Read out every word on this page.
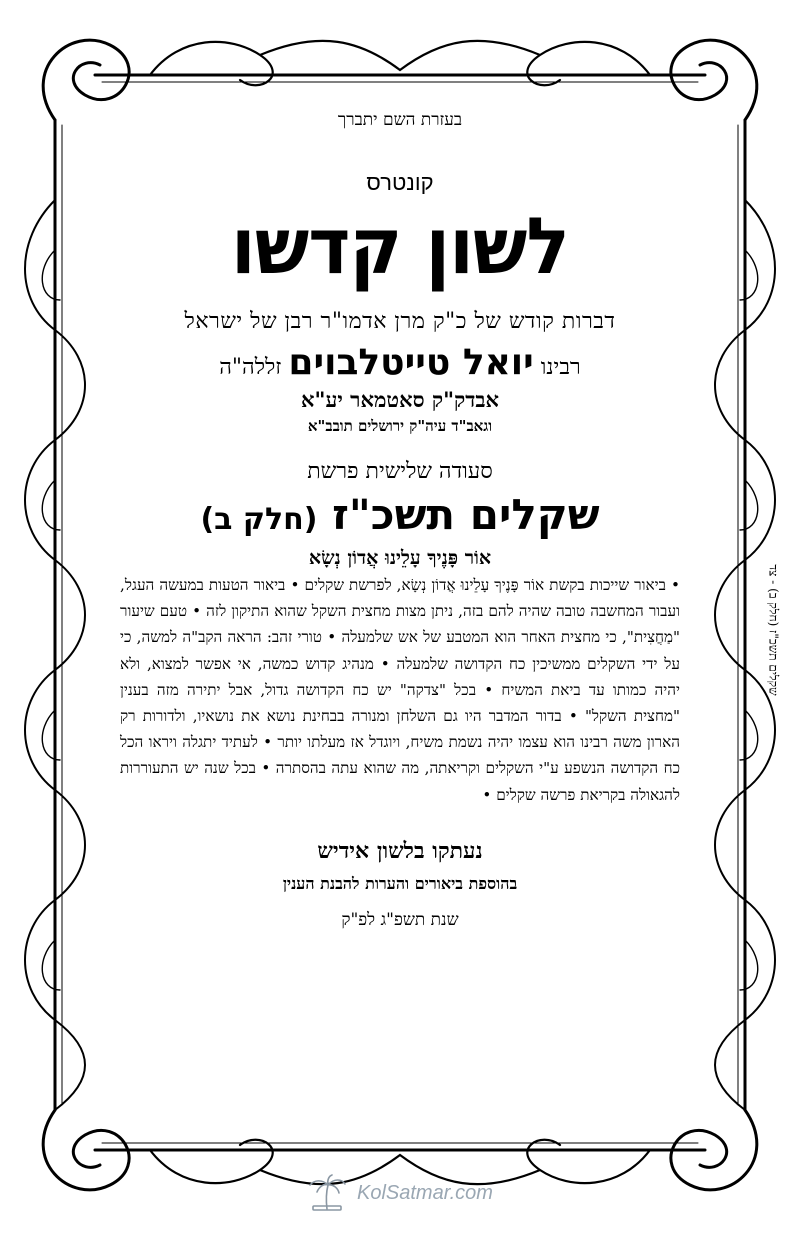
בעזרת השם יתברך
קונטרס
לשון קדשו
דברות קודש של כ"ק מרן אדמו"ר רבן של ישראל
רבינו יואל טייטלבוים זללה"ה
אבדק"ק סאטמאר יע"א
וגאב"ד עיה"ק ירושלים תובב"א
סעודה שלישית פרשת
שקלים תשכ"ז (חלק ב)
אוֹר פָּנֶיךָ עָלֵינוּ אֲדוֹן נְשָׂא
• ביאור שייכות בקשת אוֹר פָּנֶיךָ עָלֵינוּ אֲדוֹן נְשָׂא, לפרשת שקלים • ביאור הטעות במעשה העגל, ועבור המחשבה טובה שהיה להם בזה, ניתן מצות מחצית השקל שהוא התיקון לזה • טעם שיעור "מַחֲצִית", כי מחצית האחר הוא המטבע של אש שלמעלה • טורי זהב: הראה הקב"ה למשה, כי על ידי השקלים ממשיכין כח הקדושה שלמעלה • מנהיג קדוש כמשה, אי אפשר למצוא, ולא יהיה כמותו עד ביאת המשיח • בכל "צדקה" יש כח הקדושה גדול, אבל יתירה מזה בענין "מחצית השקל" • בדור המדבר היו גם השלחן ומנורה בבחינת נושא את נושאיו, ולדורות רק הארון משה רבינו הוא עצמו יהיה נשמת משיח, ויוגדל אז מעלתו יותר • לעתיד יתגלה ויראו הכל כח הקדושה הנשפע ע"י השקלים וקריאתה, מה שהוא עתה בהסתרה • בכל שנה יש התעוררות להגאולה בקריאת פרשה שקלים •
נעתקו בלשון אידיש
בהוספת ביאורים והערות להבנת הענין
שנת תשפ"ג לפ"ק
שקלים תשכ"ז (חלק ב) - צד
KolSatmar.com
